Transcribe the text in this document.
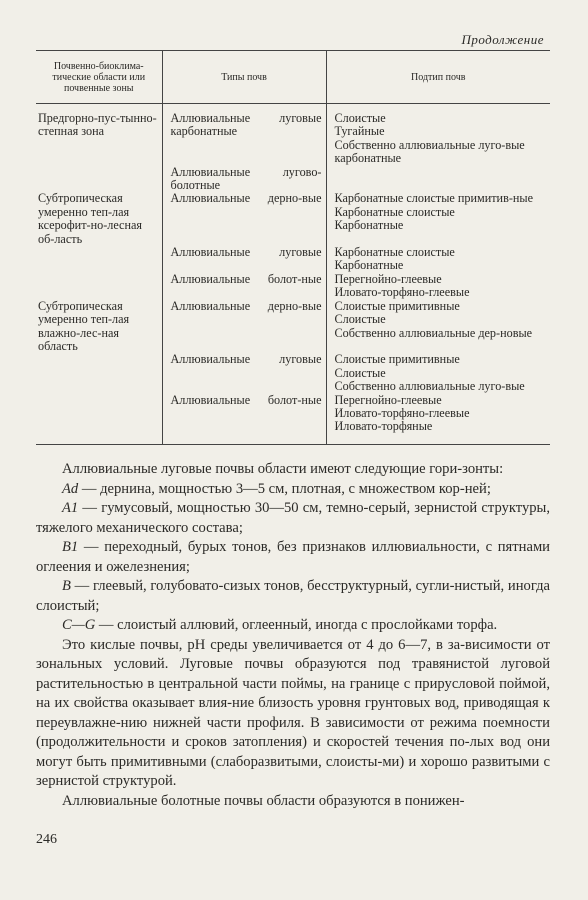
Продолжение
Почвенно-биоклима-тические области или почвенные зоны	Типы почв	Подтип почв
Предгорно-пус-тынно-степная зона	Аллювиальные луговые карбонатные	Слоистые
Тугайные
Собственно аллювиальные луго-вые карбонатные

	Аллювиальные лугово-болотные	
Субтропическая умеренно теп-лая ксерофит-но-лесная об-ласть	Аллювиальные дерно-вые	Карбонатные слоистые примитив-ные
Карбонатные слоистые
Карбонатные

	Аллювиальные луговые	Карбонатные слоистые
Карбонатные

	Аллювиальные болот-ные	Перегнойно-глеевые
Иловато-торфяно-глеевые

Субтропическая умеренно теп-лая влажно-лес-ная область	Аллювиальные дерно-вые	Слоистые примитивные
Слоистые
Собственно аллювиальные дер-новые

	Аллювиальные луговые	Слоистые примитивные
Слоистые
Собственно аллювиальные луго-вые

	Аллювиальные болот-ные	Перегнойно-глеевые
Иловато-торфяно-глеевые
Иловато-торфяные

Аллювиальные луговые почвы области имеют следующие гори-зонты:

Ad — дернина, мощностью 3—5 см, плотная, с множеством кор-ней;

A1 — гумусовый, мощностью 30—50 см, темно-серый, зернистой структуры, тяжелого механического состава;

B1 — переходный, бурых тонов, без признаков иллювиальности, с пятнами оглеения и ожелезнения;

B — глеевый, голубовато-сизых тонов, бесструктурный, сугли-нистый, иногда слоистый;

C—G — слоистый аллювий, оглеенный, иногда с прослойками торфа.

Это кислые почвы, pH среды увеличивается от 4 до 6—7, в за-висимости от зональных условий. Луговые почвы образуются под травянистой луговой растительностью в центральной части поймы, на границе с прирусловой поймой, на их свойства оказывает влия-ние близость уровня грунтовых вод, приводящая к переувлажне-нию нижней части профиля. В зависимости от режима поемности (продолжительности и сроков затопления) и скоростей течения по-лых вод они могут быть примитивными (слаборазвитыми, слоисты-ми) и хорошо развитыми с зернистой структурой.

Аллювиальные болотные почвы области образуются в понижен-

246
